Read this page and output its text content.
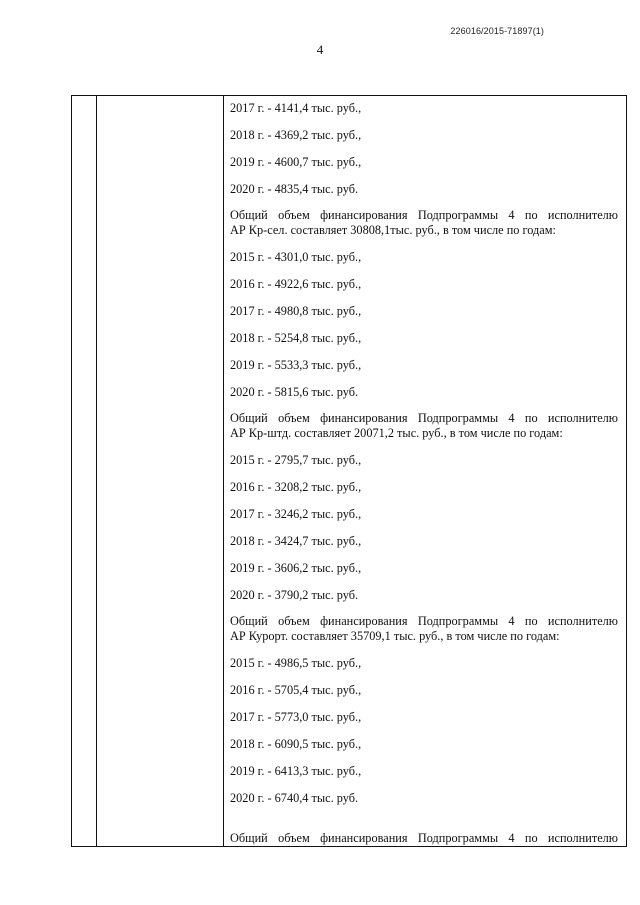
226016/2015-71897(1)
4
2017 г. - 4141,4 тыс. руб.,
2018 г. - 4369,2 тыс. руб.,
2019 г. - 4600,7 тыс. руб.,
2020 г. - 4835,4 тыс. руб.
Общий объем финансирования Подпрограммы 4 по исполнителю
АР Кр-сел. составляет 30808,1тыс. руб., в том числе по годам:
2015 г. - 4301,0 тыс. руб.,
2016 г. - 4922,6 тыс. руб.,
2017 г. - 4980,8 тыс. руб.,
2018 г. - 5254,8 тыс. руб.,
2019 г. - 5533,3 тыс. руб.,
2020 г. - 5815,6 тыс. руб.
Общий объем финансирования Подпрограммы 4 по исполнителю
АР Кр-штд. составляет 20071,2 тыс. руб., в том числе по годам:
2015 г. - 2795,7 тыс. руб.,
2016 г. - 3208,2 тыс. руб.,
2017 г. - 3246,2 тыс. руб.,
2018 г. - 3424,7 тыс. руб.,
2019 г. - 3606,2 тыс. руб.,
2020 г. - 3790,2 тыс. руб.
Общий объем финансирования Подпрограммы 4 по исполнителю
АР Курорт. составляет 35709,1 тыс. руб., в том числе по годам:
2015 г. - 4986,5 тыс. руб.,
2016 г. - 5705,4 тыс. руб.,
2017 г. - 5773,0 тыс. руб.,
2018 г. - 6090,5 тыс. руб.,
2019 г. - 6413,3 тыс. руб.,
2020 г. - 6740,4 тыс. руб.
Общий объем финансирования Подпрограммы 4 по исполнителю
